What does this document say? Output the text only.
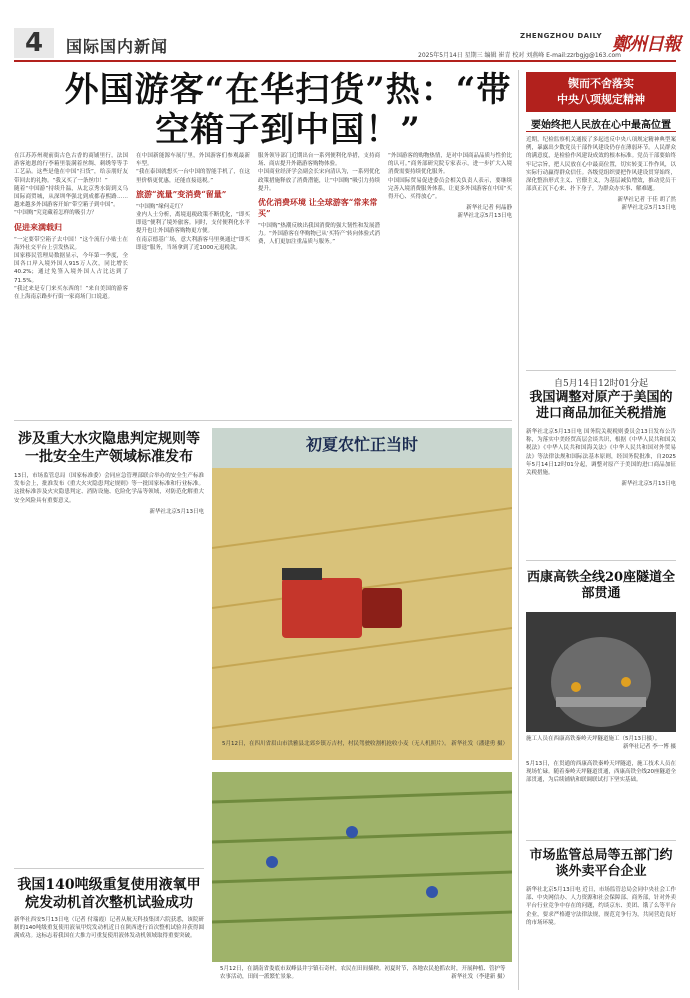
4	国际国内新闻
ZHENGZHOU DAILY 鄭州日報
2025年5月14日 星期三 编辑 崔青 校对 刘燕峰 E-mail:zzrbgjg@163.com
外国游客“在华扫货”热：“带空箱子到中国！”

在江苏苏州观前街古色古香的商铺里行，法国游客迪恩的行李箱里装满着丝绸、刺绣等等手工艺品。这些是他在中国“扫货”，给亲朋好友带回去的礼物。“我又买了一条丝巾！”

随着“中国游”持续升温，从北京秀水街到义乌国际商贸城，从深圳华强北到成都春熙路……越来越多外国游客开始“带空箱子到中国”。

“中国购”究竟藏着怎样的吸引力？

促进来满载归

“一定要带空箱子去中国！”这个流行小贴士在海外社交平台上引发热议。

国家移民管理局数据显示，今年第一季度，全国各口岸入境外国人915万人次，同比增长40.2%；通过免签入境外国人占比达到了71.5%。

“我过来是专门来买东西的！”来自美国的游客在上海南京路步行街一家商场门口说道。

在中国新能源车展厅里，外国游客们参观最新车型。

“我在泰国就想买一台中国的智能手机了，在这里价格更优惠，还能直接退税。”

旅游“流量”变消费“留量”

“中国购”缘何走红？

业内人士分析，离境退税政策不断优化，“即买即退”便利了境外旅客。同时，支付便利化水平提升也让外国游客购物更方便。

在南京德基广场，意大利游客马里奥通过“即买即退”服务，当场拿到了近1000元退税款。

服务领导部门近期出台一系列便利化举措，支持商场、商店提升外籍游客购物体验。

中国商业经济学会副会长宋向清认为，一系列优化政策措施释放了消费潜能，让“中国购”吸引力持续提升。

优化消费环境 让全球游客“常来常买”

“中国购”热潮反映出我国消费的强大韧性和发展潜力。“外国游客在华购物已从‘买特产’转向体验式消费，人们更加注重品质与服务。”

“外国游客的购物热情，是对中国商品品质与性价比的认可。”商务部研究院专家表示，进一步扩大入境消费需要持续优化服务。

中国国际贸易促进委员会相关负责人表示，要继续完善入境消费服务体系，让更多外国游客在中国“买得开心、买得放心”。

新华社记者 何晶静
新华社北京5月13日电
锲而不舍落实
中央八项规定精神
要始终把人民放在心中最高位置

近期，纪检监察机关通报了多起违反中央八项规定精神典型案例，暴露出少数党员干部作风建设仍存在薄弱环节。人民群众的满意度，是检验作风建设成效的根本标准。党员干部要始终牢记宗旨，把人民放在心中最高位置，切实转变工作作风，以实际行动赢得群众信任。各级党组织要把作风建设贯穿始终，深化整治形式主义、官僚主义，为基层减负增效，推动党员干部真正沉下心来、扑下身子，为群众办实事、解难题。

新华社记者 于佳 胡了然
新华社北京5月13日电
自5月14日12时01分起
我国调整对原产于美国的进口商品加征关税措施

新华社北京5月13日电 国务院关税税则委员会13日发布公告称，为落实中美经贸高层会谈共识，根据《中华人民共和国关税法》《中华人民共和国海关法》《中华人民共和国对外贸易法》等法律法规和国际法基本原则，经国务院批准，自2025年5月14日12时01分起，调整对原产于美国的进口商品加征关税措施。

新华社北京5月13日电
涉及重大水灾隐患判定规则等一批安全生产领域标准发布

13日，市场监管总局（国家标准委）会同应急管理部联合举办的安全生产标准发布会上，批准发布《重大火灾隐患判定规则》等一批国家标准和行业标准。这批标准涉及火灾隐患判定、消防设施、危险化学品等领域，对防范化解重大安全风险具有重要意义。

新华社北京5月13日电
初夏农忙正当时
5月12日，在四川省眉山市洪雅县北郊乡镇万吉村，村民驾驶收割机抢收小麦（无人机照片）。 新华社发（潘建勇 摄）
5月12日，在湖南省娄底市双峰县井字镇石奇村，农民在田间插秧。初夏时节，各地农民抢抓农时，开展种植、管护等农事活动，田间一派繁忙景象。	新华社发（李建新 摄）
我国140吨级重复使用液氧甲烷发动机首次整机试验成功

新华社西安5月13日电（记者 付瑞霞）记者从航天科技集团六院获悉，该院研制的140吨级重复使用液氧甲烷发动机近日在陕西进行首次整机试验并获得圆满成功。这标志着我国在大推力可重复使用液体发动机领域取得重要突破。

西康高铁全线20座隧道全部贯通
施工人员在西康高铁秦岭天坪隧道施工（5月13日摄）。
新华社记者 李一博 摄

5月13日，在贯通的西康高铁秦岭天坪隧道，施工技术人员在现场忙碌。随着秦岭天坪隧道贯通，西康高铁全线20座隧道全部贯通，为后续铺轨和联调联试打下坚实基础。

市场监管总局等五部门约谈外卖平台企业

新华社北京5月13日电 近日，市场监管总局会同中央社会工作部、中央网信办、人力资源和社会保障部、商务部，针对外卖平台行业竞争中存在的问题，约谈京东、美团、饿了么等平台企业，要求严格遵守法律法规，规范竞争行为，共同营造良好的市场环境。
